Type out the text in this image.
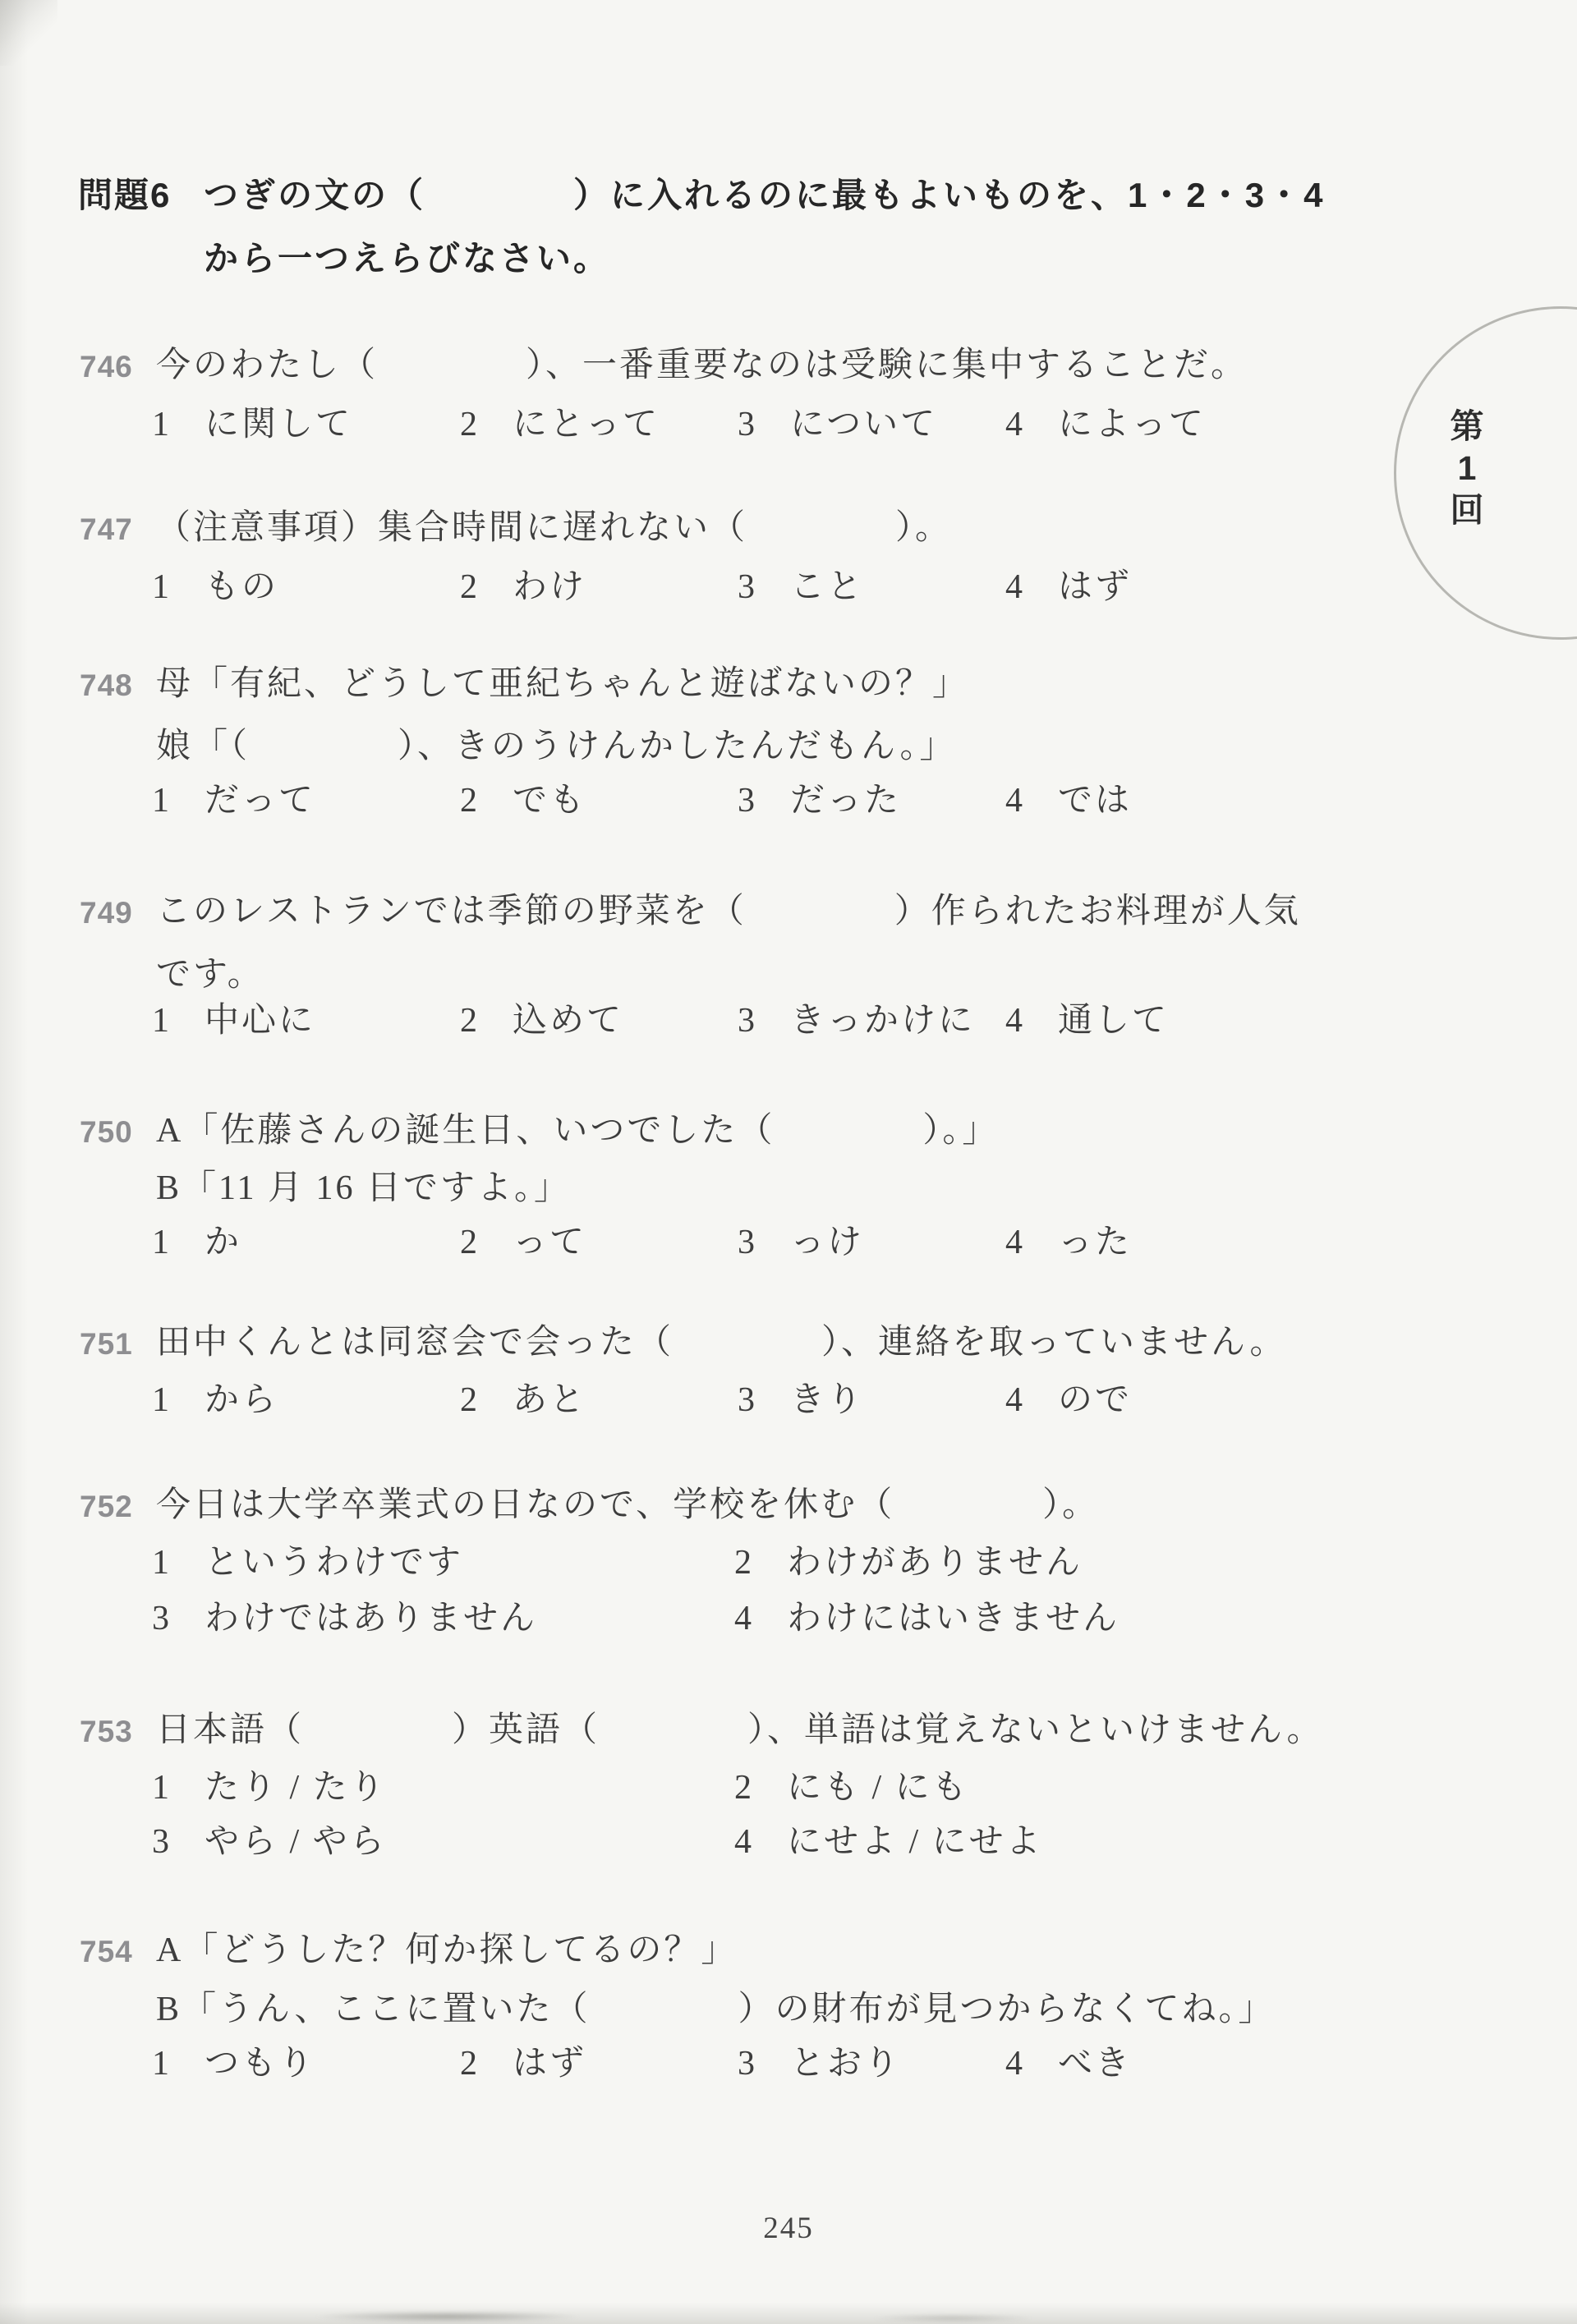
第
1
回
問題6 つぎの文の（　　　　）に入れるのに最もよいものを、1・2・3・4
から一つえらびなさい。
746 今のわたし（　　　　）、一番重要なのは受験に集中することだ。
1 に関して	2 にとって 3 について 4 によって
747 （注意事項）集合時間に遅れない（　　　　）。
1 もの	2 わけ	3 こと	4 はず
748 母「有紀、どうして亜紀ちゃんと遊ばないの？」
娘「（　　　　）、きのうけんかしたんだもん。」
1 だって	2 でも	3 だった	4 では
749 このレストランでは季節の野菜を（　　　　）作られたお料理が人気
です。
1 中心に	2 込めて	3 きっかけに 4 通して
750 A「佐藤さんの誕生日、いつでした（　　　　）。」
B「11 月 16 日ですよ。」
1 か	2 って	3 っけ	4 った
751 田中くんとは同窓会で会った（　　　　）、連絡を取っていません。
1 から	2 あと	3 きり	4 ので
752 今日は大学卒業式の日なので、学校を休む（　　　　）。
1 というわけです	2 わけがありません
3 わけではありません	4 わけにはいきません
753 日本語（　　　　）英語（　　　　）、単語は覚えないといけません。
1 たり / たり	2 にも / にも
3 やら / やら	4 にせよ / にせよ
754 A「どうした？何か探してるの？」
B「うん、ここに置いた（　　　　）の財布が見つからなくてね。」
1 つもり	2 はず	3 とおり	4 べき
245
